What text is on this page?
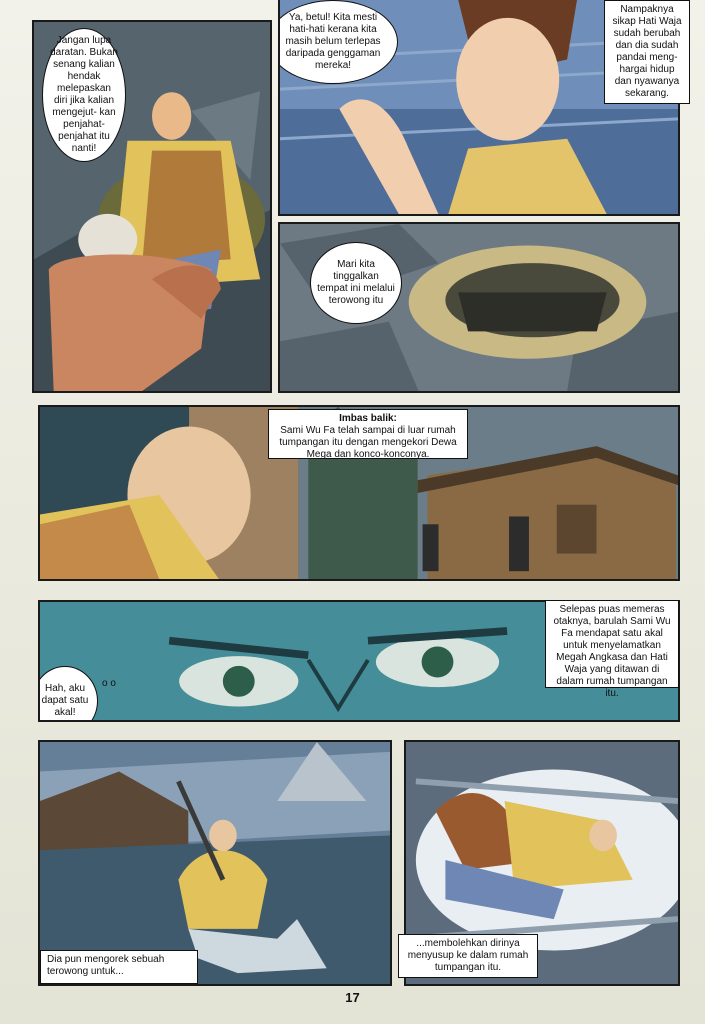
Jangan lupa daratan. Bukan senang kalian hendak melepaskan diri jika kalian mengejut- kan penjahat- penjahat itu nanti!
Ya, betul! Kita mesti hati-hati kerana kita masih belum terlepas daripada genggaman mereka!
Nampaknya sikap Hati Waja sudah berubah dan dia sudah pandai meng- hargai hidup dan nyawanya sekarang.
Mari kita tinggalkan tempat ini melalui terowong itu
Imbas balik:
Sami Wu Fa telah sampai di luar rumah tumpangan itu dengan mengekori Dewa Mega dan konco-konconya.
Hah, aku dapat satu akal!
o o
Selepas puas memeras otaknya, barulah Sami Wu Fa mendapat satu akal untuk menyelamatkan Megah Angkasa dan Hati Waja yang ditawan di dalam rumah tumpangan itu.
Dia pun mengorek sebuah terowong untuk...
...membolehkan dirinya menyusup ke dalam rumah tumpangan itu.
17
